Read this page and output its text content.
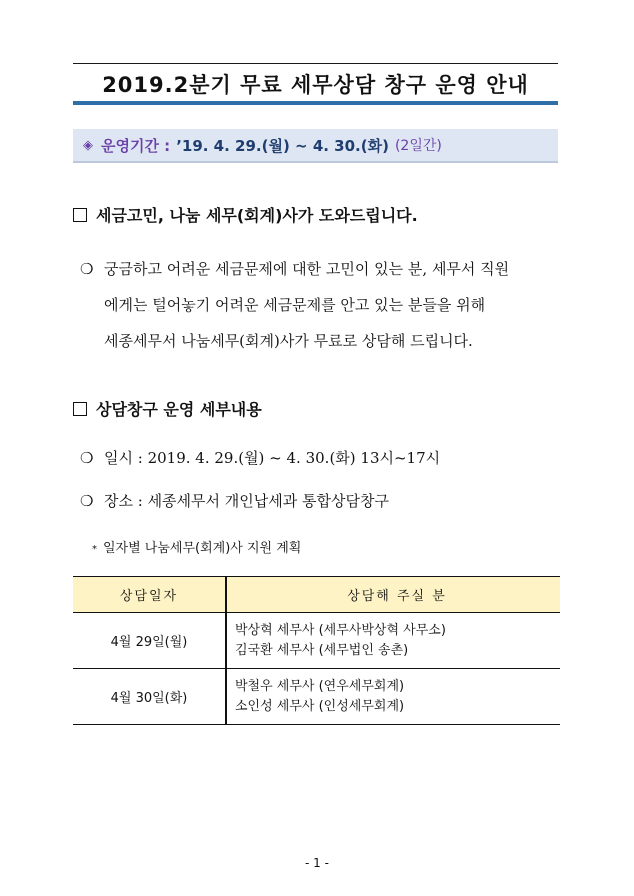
2019.2분기 무료 세무상담 창구 운영 안내
◈ 운영기간 : ’19. 4. 29.(월) ~ 4. 30.(화) (2일간)
세금고민, 나눔 세무(회계)사가 도와드립니다.
❍ 궁금하고 어려운 세금문제에 대한 고민이 있는 분, 세무서 직원
에게는 털어놓기 어려운 세금문제를 안고 있는 분들을 위해
세종세무서 나눔세무(회계)사가 무료로 상담해 드립니다.
상담창구 운영 세부내용
❍ 일시 : 2019. 4. 29.(월) ~ 4. 30.(화) 13시~17시
❍ 장소 : 세종세무서 개인납세과 통합상담창구
* 일자별 나눔세무(회계)사 지원 계획
상담일자	상담해 주실 분
4월 29일(월)	박상혁 세무사 (세무사박상혁 사무소)
김국환 세무사 (세무법인 송촌)

4월 30일(화)	박철우 세무사 (연우세무회계)
소인성 세무사 (인성세무회계)
- 1 -
